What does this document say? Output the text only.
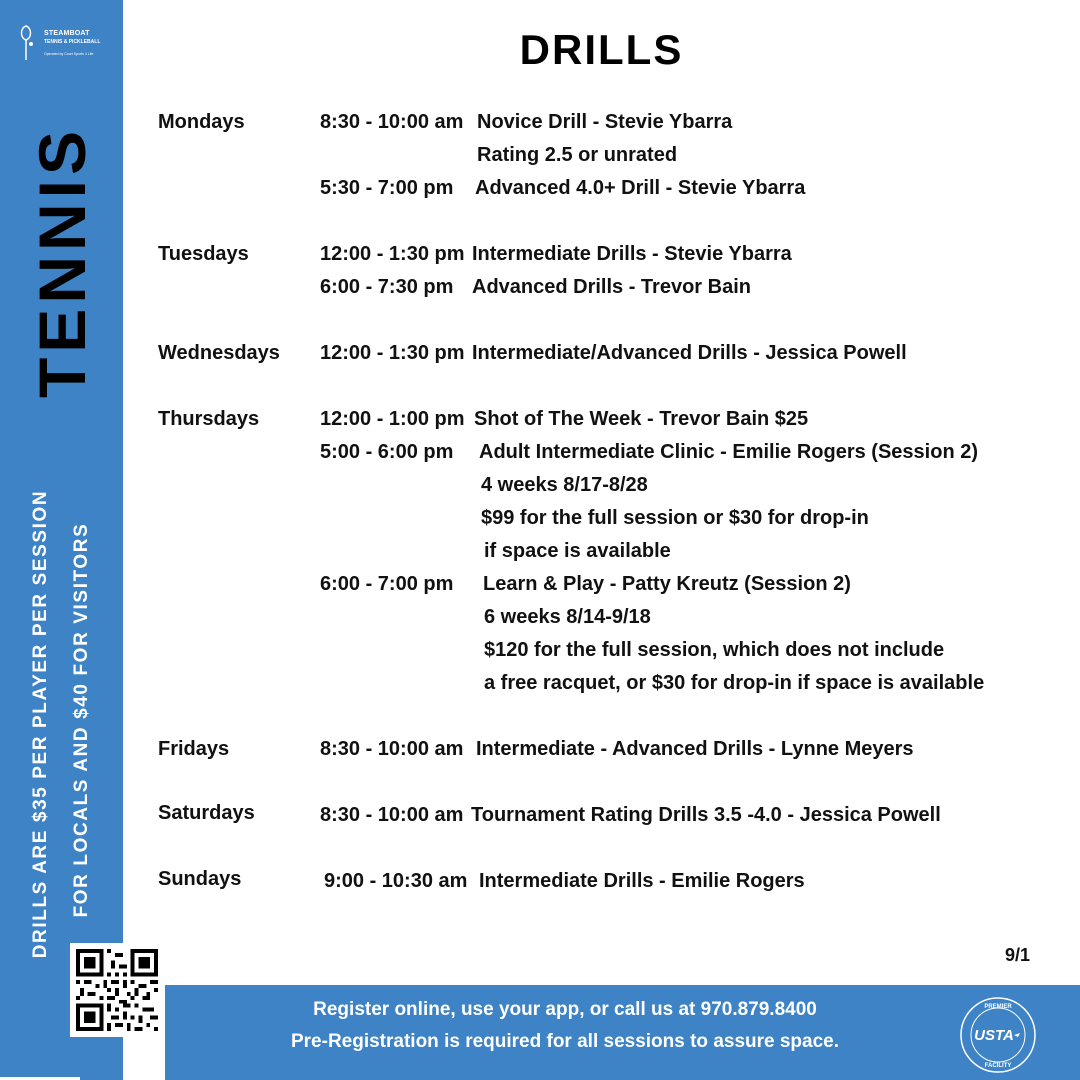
STEAMBOAT
TENNIS & PICKLEBALL
Operated by Court Sports 4 Life
TENNIS
DRILLS ARE $35 PER PLAYER PER SESSION FOR LOCALS AND $40 FOR VISITORS
DRILLS
Mondays	8:30 - 10:00 am Novice Drill - Stevie Ybarra
Rating 2.5 or unrated
5:30 - 7:00 pm Advanced 4.0+ Drill - Stevie Ybarra
Tuesdays	12:00 - 1:30 pm Intermediate Drills - Stevie Ybarra
6:00 - 7:30 pm Advanced Drills - Trevor Bain
Wednesdays 12:00 - 1:30 pm Intermediate/Advanced Drills - Jessica Powell
Thursdays	12:00 - 1:00 pm Shot of The Week - Trevor Bain $25
5:00 - 6:00 pm Adult Intermediate Clinic - Emilie Rogers (Session 2)
4 weeks 8/17-8/28
$99 for the full session or $30 for drop-in
if space is available
6:00 - 7:00 pm Learn & Play - Patty Kreutz (Session 2)
6 weeks 8/14-9/18
$120 for the full session, which does not include
a free racquet, or $30 for drop-in if space is available
Fridays	8:30 - 10:00 am Intermediate - Advanced Drills - Lynne Meyers
Saturdays	8:30 - 10:00 am Tournament Rating Drills 3.5 -4.0 - Jessica Powell
Sundays	9:00 - 10:30 am Intermediate Drills - Emilie Rogers
9/1
Register online, use your app, or call us at 970.879.8400
Pre-Registration is required for all sessions to assure space.
PREMIER
USTA
FACILITY
